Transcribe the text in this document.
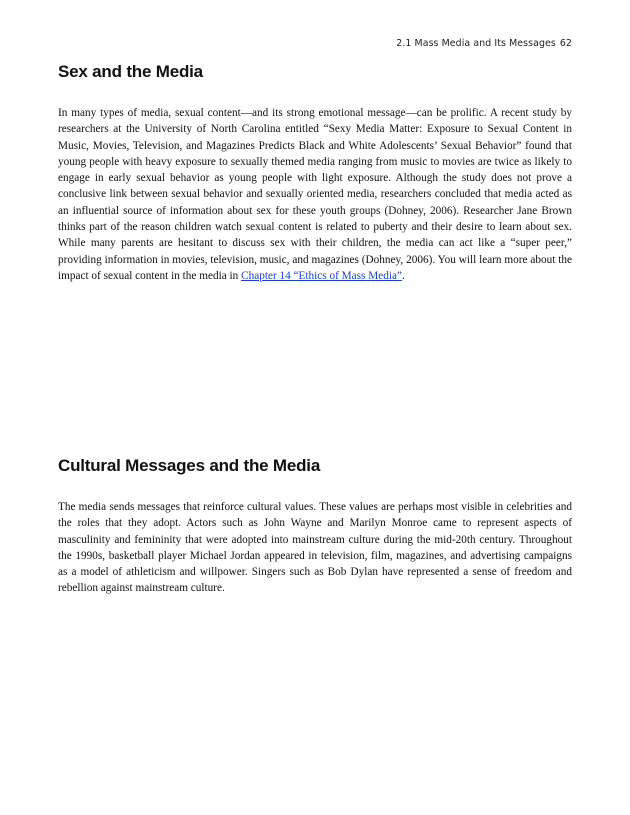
2.1 Mass Media and Its Messages 62
Sex and the Media

In many types of media, sexual content—and its strong emotional message—can be prolific. A recent study by researchers at the University of North Carolina entitled “Sexy Media Matter: Exposure to Sexual Content in Music, Movies, Television, and Magazines Predicts Black and White Adolescents’ Sexual Behavior” found that young people with heavy exposure to sexually themed media ranging from music to movies are twice as likely to engage in early sexual behavior as young people with light exposure. Although the study does not prove a conclusive link between sexual behavior and sexually oriented media, researchers concluded that media acted as an influential source of information about sex for these youth groups (Dohney, 2006). Researcher Jane Brown thinks part of the reason children watch sexual content is related to puberty and their desire to learn about sex. While many parents are hesitant to discuss sex with their children, the media can act like a “super peer,” providing information in movies, television, music, and magazines (Dohney, 2006). You will learn more about the impact of sexual content in the media in Chapter 14 “Ethics of Mass Media”.

Cultural Messages and the Media

The media sends messages that reinforce cultural values. These values are perhaps most visible in celebrities and the roles that they adopt. Actors such as John Wayne and Marilyn Monroe came to represent aspects of masculinity and femininity that were adopted into mainstream culture during the mid-20th century. Throughout the 1990s, basketball player Michael Jordan appeared in television, film, magazines, and advertising campaigns as a model of athleticism and willpower. Singers such as Bob Dylan have represented a sense of freedom and rebellion against mainstream culture.
